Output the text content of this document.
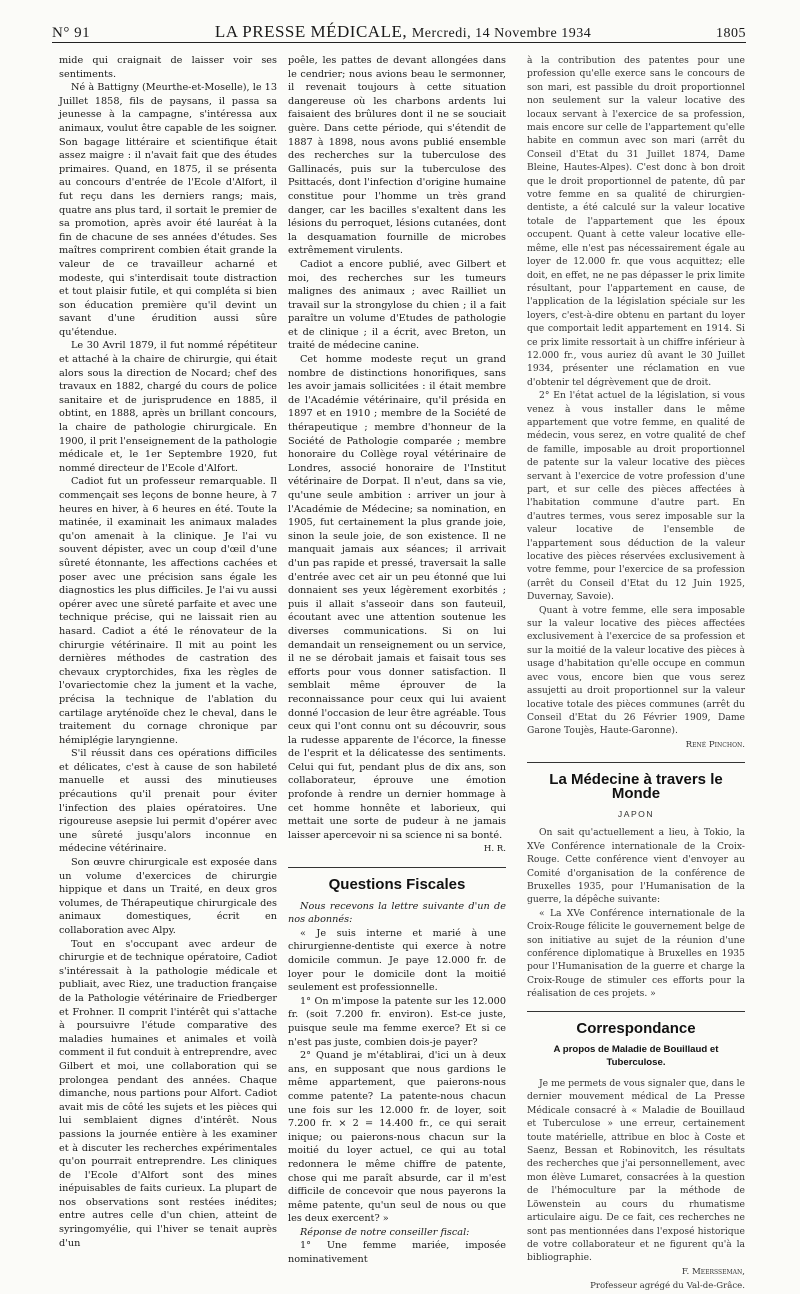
N° 91	LA PRESSE MÉDICALE, Mercredi, 14 Novembre 1934	1805

mide qui craignait de laisser voir ses sentiments.

Né à Battigny (Meurthe-et-Moselle), le 13 Juillet 1858, fils de paysans, il passa sa jeunesse à la campagne, s'intéressa aux animaux, voulut être capable de les soigner. Son bagage littéraire et scientifique était assez maigre : il n'avait fait que des études primaires. Quand, en 1875, il se présenta au concours d'entrée de l'Ecole d'Alfort, il fut reçu dans les derniers rangs; mais, quatre ans plus tard, il sortait le premier de sa promotion, après avoir été lauréat à la fin de chacune de ses années d'études. Ses maîtres comprirent combien était grande la valeur de ce travailleur acharné et modeste, qui s'interdisait toute distraction et tout plaisir futile, et qui compléta si bien son éducation première qu'il devint un savant d'une érudition aussi sûre qu'étendue.

Le 30 Avril 1879, il fut nommé répétiteur et attaché à la chaire de chirurgie, qui était alors sous la direction de Nocard; chef des travaux en 1882, chargé du cours de police sanitaire et de jurisprudence en 1885, il obtint, en 1888, après un brillant concours, la chaire de pathologie chirurgicale. En 1900, il prit l'enseignement de la pathologie médicale et, le 1er Septembre 1920, fut nommé directeur de l'Ecole d'Alfort.

Cadiot fut un professeur remarquable. Il commençait ses leçons de bonne heure, à 7 heures en hiver, à 6 heures en été. Toute la matinée, il examinait les animaux malades qu'on amenait à la clinique. Je l'ai vu souvent dépister, avec un coup d'œil d'une sûreté étonnante, les affections cachées et poser avec une précision sans égale les diagnostics les plus difficiles. Je l'ai vu aussi opérer avec une sûreté parfaite et avec une technique précise, qui ne laissait rien au hasard. Cadiot a été le rénovateur de la chirurgie vétérinaire. Il mit au point les dernières méthodes de castration des chevaux cryptorchides, fixa les règles de l'ovariectomie chez la jument et la vache, précisa la technique de l'ablation du cartilage aryténoïde chez le cheval, dans le traitement du cornage chronique par hémiplégie laryngienne.

S'il réussit dans ces opérations difficiles et délicates, c'est à cause de son habileté manuelle et aussi des minutieuses précautions qu'il prenait pour éviter l'infection des plaies opératoires. Une rigoureuse asepsie lui permit d'opérer avec une sûreté jusqu'alors inconnue en médecine vétérinaire.

Son œuvre chirurgicale est exposée dans un volume d'exercices de chirurgie hippique et dans un Traité, en deux gros volumes, de Thérapeutique chirurgicale des animaux domestiques, écrit en collaboration avec Alpy.

Tout en s'occupant avec ardeur de chirurgie et de technique opératoire, Cadiot s'intéressait à la pathologie médicale et publiait, avec Riez, une traduction française de la Pathologie vétérinaire de Friedberger et Frohner. Il comprit l'intérêt qui s'attache à poursuivre l'étude comparative des maladies humaines et animales et voilà comment il fut conduit à entreprendre, avec Gilbert et moi, une collaboration qui se prolongea pendant des années. Chaque dimanche, nous partions pour Alfort. Cadiot avait mis de côté les sujets et les pièces qui lui semblaient dignes d'intérêt. Nous passions la journée entière à les examiner et à discuter les recherches expérimentales qu'on pourrait entreprendre. Les cliniques de l'Ecole d'Alfort sont des mines inépuisables de faits curieux. La plupart de nos observations sont restées inédites; entre autres celle d'un chien, atteint de syringomyélie, qui l'hiver se tenait auprès d'un

poêle, les pattes de devant allongées dans le cendrier; nous avions beau le sermonner, il revenait toujours à cette situation dangereuse où les charbons ardents lui faisaient des brûlures dont il ne se souciait guère. Dans cette période, qui s'étendit de 1887 à 1898, nous avons publié ensemble des recherches sur la tuberculose des Gallinacés, puis sur la tuberculose des Psittacés, dont l'infection d'origine humaine constitue pour l'homme un très grand danger, car les bacilles s'exaltent dans les lésions du perroquet, lésions cutanées, dont la desquamation fournille de microbes extrêmement virulents.

Cadiot a encore publié, avec Gilbert et moi, des recherches sur les tumeurs malignes des animaux ; avec Railliet un travail sur la strongylose du chien ; il a fait paraître un volume d'Etudes de pathologie et de clinique ; il a écrit, avec Breton, un traité de médecine canine.

Cet homme modeste reçut un grand nombre de distinctions honorifiques, sans les avoir jamais sollicitées : il était membre de l'Académie vétérinaire, qu'il présida en 1897 et en 1910 ; membre de la Société de thérapeutique ; membre d'honneur de la Société de Pathologie comparée ; membre honoraire du Collège royal vétérinaire de Londres, associé honoraire de l'Institut vétérinaire de Dorpat. Il n'eut, dans sa vie, qu'une seule ambition : arriver un jour à l'Académie de Médecine; sa nomination, en 1905, fut certainement la plus grande joie, sinon la seule joie, de son existence. Il ne manquait jamais aux séances; il arrivait d'un pas rapide et pressé, traversait la salle d'entrée avec cet air un peu étonné que lui donnaient ses yeux légèrement exorbités ; puis il allait s'asseoir dans son fauteuil, écoutant avec une attention soutenue les diverses communications. Si on lui demandait un renseignement ou un service, il ne se dérobait jamais et faisait tous ses efforts pour vous donner satisfaction. Il semblait même éprouver de la reconnaissance pour ceux qui lui avaient donné l'occasion de leur être agréable. Tous ceux qui l'ont connu ont su découvrir, sous la rudesse apparente de l'écorce, la finesse de l'esprit et la délicatesse des sentiments. Celui qui fut, pendant plus de dix ans, son collaborateur, éprouve une émotion profonde à rendre un dernier hommage à cet homme honnête et laborieux, qui mettait une sorte de pudeur à ne jamais laisser apercevoir ni sa science ni sa bonté.

H. R.
Questions Fiscales

Nous recevons la lettre suivante d'un de nos abonnés:

« Je suis interne et marié à une chirurgienne-dentiste qui exerce à notre domicile commun. Je paye 12.000 fr. de loyer pour le domicile dont la moitié seulement est professionnelle.

1° On m'impose la patente sur les 12.000 fr. (soit 7.200 fr. environ). Est-ce juste, puisque seule ma femme exerce? Et si ce n'est pas juste, combien dois-je payer?

2° Quand je m'établirai, d'ici un à deux ans, en supposant que nous gardions le même appartement, que paierons-nous comme patente? La patente-nous chacun une fois sur les 12.000 fr. de loyer, soit 7.200 fr. × 2 = 14.400 fr., ce qui serait inique; ou paierons-nous chacun sur la moitié du loyer actuel, ce qui au total redonnera le même chiffre de patente, chose qui me paraît absurde, car il m'est difficile de concevoir que nous payerons la même patente, qu'un seul de nous ou que les deux exercent? »

Réponse de notre conseiller fiscal:

1° Une femme mariée, imposée nominativement

à la contribution des patentes pour une profession qu'elle exerce sans le concours de son mari, est passible du droit proportionnel non seulement sur la valeur locative des locaux servant à l'exercice de sa profession, mais encore sur celle de l'appartement qu'elle habite en commun avec son mari (arrêt du Conseil d'Etat du 31 Juillet 1874, Dame Bleine, Hautes-Alpes). C'est donc à bon droit que le droit proportionnel de patente, dû par votre femme en sa qualité de chirurgien-dentiste, a été calculé sur la valeur locative totale de l'appartement que les époux occupent. Quant à cette valeur locative elle-même, elle n'est pas nécessairement égale au loyer de 12.000 fr. que vous acquittez; elle doit, en effet, ne ne pas dépasser le prix limite résultant, pour l'appartement en cause, de l'application de la législation spéciale sur les loyers, c'est-à-dire obtenu en partant du loyer que comportait ledit appartement en 1914. Si ce prix limite ressortait à un chiffre inférieur à 12.000 fr., vous auriez dû avant le 30 Juillet 1934, présenter une réclamation en vue d'obtenir tel dégrèvement que de droit.

2° En l'état actuel de la législation, si vous venez à vous installer dans le même appartement que votre femme, en qualité de médecin, vous serez, en votre qualité de chef de famille, imposable au droit proportionnel de patente sur la valeur locative des pièces servant à l'exercice de votre profession d'une part, et sur celle des pièces affectées à l'habitation commune d'autre part. En d'autres termes, vous serez imposable sur la valeur locative de l'ensemble de l'appartement sous déduction de la valeur locative des pièces réservées exclusivement à votre femme, pour l'exercice de sa profession (arrêt du Conseil d'Etat du 12 Juin 1925, Duvernay, Savoie).

Quant à votre femme, elle sera imposable sur la valeur locative des pièces affectées exclusivement à l'exercice de sa profession et sur la moitié de la valeur locative des pièces à usage d'habitation qu'elle occupe en commun avec vous, encore bien que vous serez assujetti au droit proportionnel sur la valeur locative totale des pièces communes (arrêt du Conseil d'Etat du 26 Février 1909, Dame Garone Toujès, Haute-Garonne).

René Pinchon.
La Médecine à travers le Monde
JAPON

On sait qu'actuellement a lieu, à Tokio, la XVe Conférence internationale de la Croix-Rouge. Cette conférence vient d'envoyer au Comité d'organisation de la conférence de Bruxelles 1935, pour l'Humanisation de la guerre, la dépêche suivante:

« La XVe Conférence internationale de la Croix-Rouge félicite le gouvernement belge de son initiative au sujet de la réunion d'une conférence diplomatique à Bruxelles en 1935 pour l'Humanisation de la guerre et charge la Croix-Rouge de stimuler ces efforts pour la réalisation de ces projets. »

Correspondance
A propos de Maladie de Bouillaud et Tuberculose.

Je me permets de vous signaler que, dans le dernier mouvement médical de La Presse Médicale consacré à « Maladie de Bouillaud et Tuberculose » une erreur, certainement toute matérielle, attribue en bloc à Coste et Saenz, Bessan et Robinovitch, les résultats des recherches que j'ai personnellement, avec mon élève Lumaret, consacrées à la question de l'hémoculture par la méthode de Löwenstein au cours du rhumatisme articulaire aigu. De ce fait, ces recherches ne sont pas mentionnées dans l'exposé historique de votre collaborateur et ne figurent qu'à la bibliographie.

F. Meersseman,
Professeur agrégé du Val-de-Grâce.
